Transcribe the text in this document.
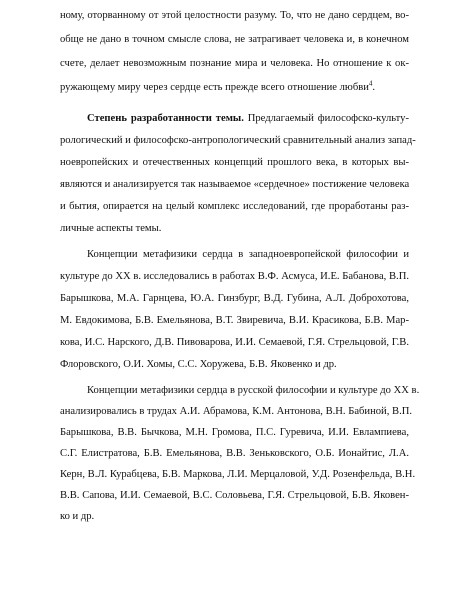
ному, оторванному от этой целостности разуму. То, что не дано сердцем, во-
обще не дано в точном смысле слова, не затрагивает человека и, в конечном
счете, делает невозможным познание мира и человека. Но отношение к ок-
ружающему миру через сердце есть прежде всего отношение любви$^4$.
Степень разработанности темы. Предлагаемый философско-культу-
рологический и философско-антропологический сравнительный анализ запад-
ноевропейских и отечественных концепций прошлого века, в которых вы-
являются и анализируется так называемое «сердечное» постижение человека
и бытия, опирается на целый комплекс исследований, где проработаны раз-
личные аспекты темы.
Концепции метафизики сердца в западноевропейской философии и
культуре до XX в. исследовались в работах В.Ф. Асмуса, И.Е. Бабанова, В.П.
Барышкова, М.А. Гарнцева, Ю.А. Гинзбург, В.Д. Губина, А.Л. Доброхотова,
М. Евдокимова, Б.В. Емельянова, В.Т. Звиревича, В.И. Красикова, Б.В. Мар-
кова, И.С. Нарского, Д.В. Пивоварова, И.И. Семаевой, Г.Я. Стрельцовой, Г.В.
Флоровского, О.И. Хомы, С.С. Хоружева, Б.В. Яковенко и др.
Концепции метафизики сердца в русской философии и культуре до XX в.
анализировались в трудах А.И. Абрамова, К.М. Антонова, В.Н. Бабиной, В.П.
Барышкова, В.В. Бычкова, М.Н. Громова, П.С. Гуревича, И.И. Евлампиева,
С.Г. Елистратова, Б.В. Емельянова, В.В. Зеньковского, О.Б. Ионайтис, Л.А.
Керн, В.Л. Курабцева, Б.В. Маркова, Л.И. Мерцаловой, У.Д. Розенфельда, В.Н.
В.В. Сапова, И.И. Семаевой, В.С. Соловьева, Г.Я. Стрельцовой, Б.В. Яковен-
ко и др.
